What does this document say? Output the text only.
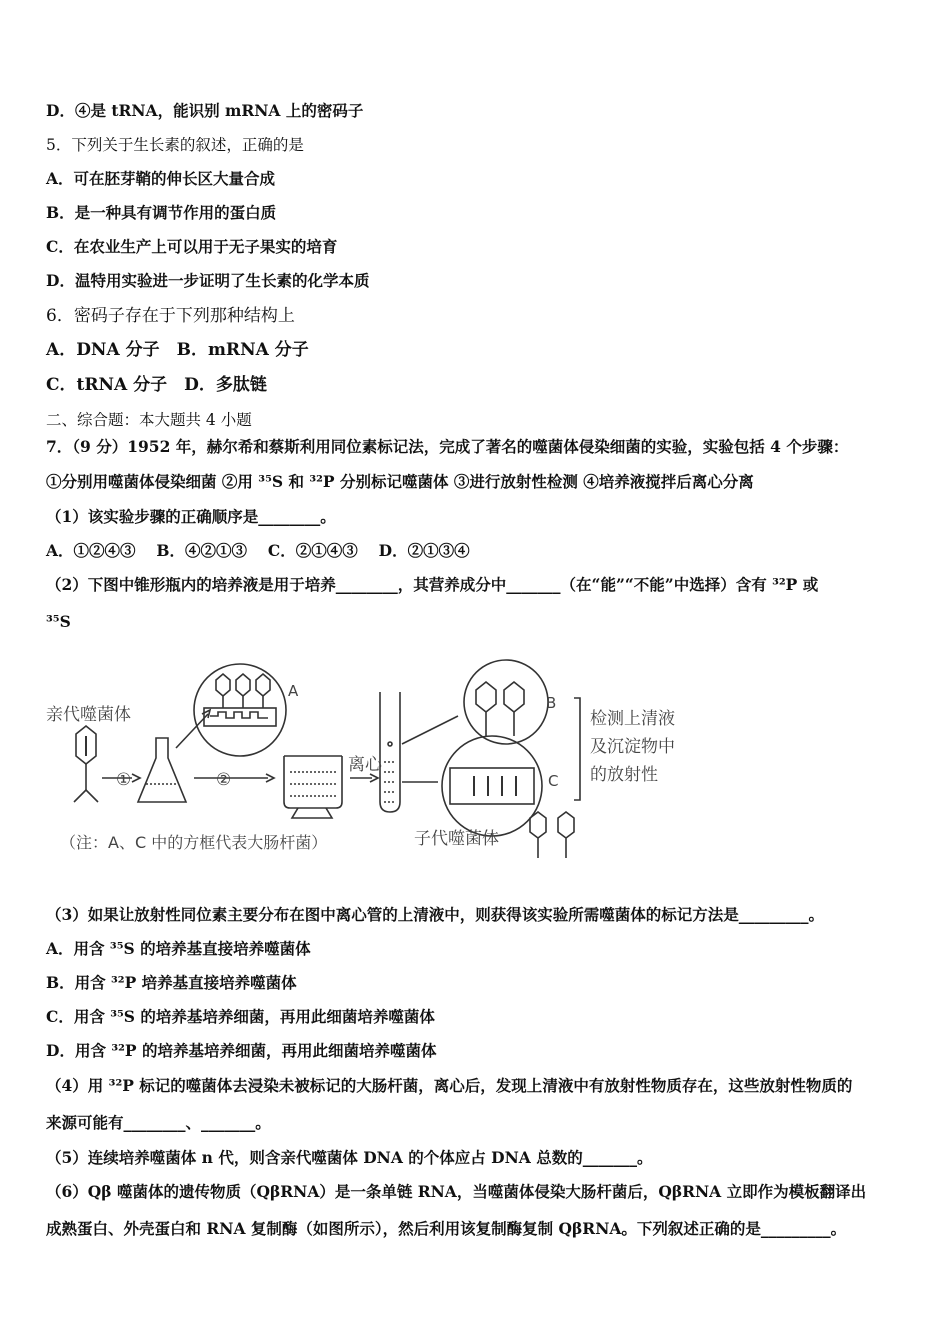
D．④是 tRNA，能识别 mRNA 上的密码子
5．下列关于生长素的叙述，正确的是
A．可在胚芽鞘的伸长区大量合成
B．是一种具有调节作用的蛋白质
C．在农业生产上可以用于无子果实的培育
D．温特用实验进一步证明了生长素的化学本质
6．密码子存在于下列那种结构上
A．DNA 分子　B．mRNA 分子
C．tRNA 分子　D．多肽链
二、综合题：本大题共 4 小题
7．（9 分）1952 年，赫尔希和蔡斯利用同位素标记法，完成了著名的噬菌体侵染细菌的实验，实验包括 4 个步骤：
①分别用噬菌体侵染细菌 ②用 ³⁵S 和 ³²P 分别标记噬菌体 ③进行放射性检测 ④培养液搅拌后离心分离
（1）该实验步骤的正确顺序是________。
A．①②④③　 B．④②①③　 C．②①④③　 D．②①③④
（2）下图中锥形瓶内的培养液是用于培养________，其营养成分中_______（在“能”“不能”中选择）含有 ³²P 或
³⁵S
亲代噬菌体
①	②
A
离心
B
C
检测上清液
及沉淀物中
的放射性
子代噬菌体
（注：A、C 中的方框代表大肠杆菌）
（3）如果让放射性同位素主要分布在图中离心管的上清液中，则获得该实验所需噬菌体的标记方法是_________。
A．用含 ³⁵S 的培养基直接培养噬菌体
B．用含 ³²P 培养基直接培养噬菌体
C．用含 ³⁵S 的培养基培养细菌，再用此细菌培养噬菌体
D．用含 ³²P 的培养基培养细菌，再用此细菌培养噬菌体
（4）用 ³²P 标记的噬菌体去浸染未被标记的大肠杆菌，离心后，发现上清液中有放射性物质存在，这些放射性物质的
来源可能有________、_______。
（5）连续培养噬菌体 n 代，则含亲代噬菌体 DNA 的个体应占 DNA 总数的_______。
（6）Qβ 噬菌体的遗传物质（QβRNA）是一条单链 RNA，当噬菌体侵染大肠杆菌后，QβRNA 立即作为模板翻译出
成熟蛋白、外壳蛋白和 RNA 复制酶（如图所示），然后利用该复制酶复制 QβRNA。下列叙述正确的是_________。
